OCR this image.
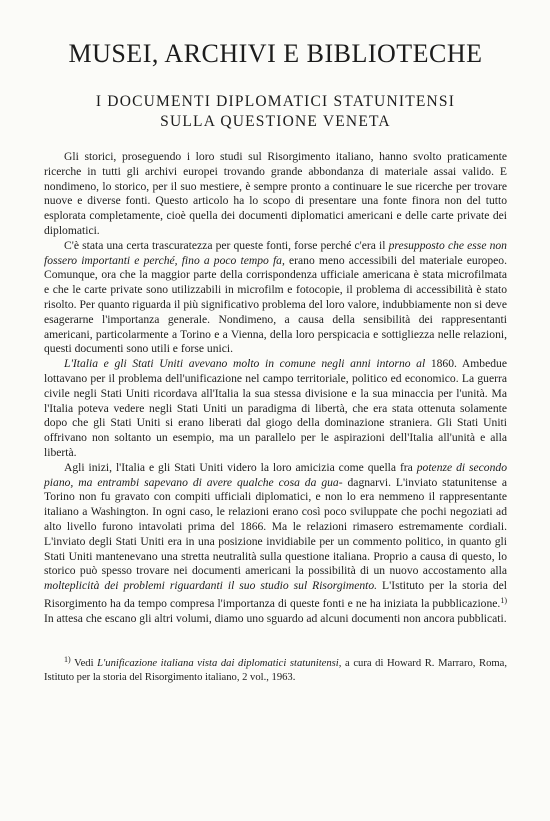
MUSEI, ARCHIVI E BIBLIOTECHE
I DOCUMENTI DIPLOMATICI STATUNITENSI
SULLA QUESTIONE VENETA

Gli storici, proseguendo i loro studi sul Risorgimento italiano, hanno svolto praticamente ricerche in tutti gli archivi europei trovando grande abbondanza di materiale assai valido. E nondimeno, lo storico, per il suo mestiere, è sempre pronto a continuare le sue ricerche per trovare nuove e diverse fonti. Questo articolo ha lo scopo di presentare una fonte finora non del tutto esplorata completamente, cioè quella dei documenti diplomatici americani e delle carte private dei diplomatici.

C'è stata una certa trascuratezza per queste fonti, forse perché c'era il presupposto che esse non fossero importanti e perché, fino a poco tempo fa, erano meno accessibili del materiale europeo. Comunque, ora che la maggior parte della corrispondenza ufficiale americana è stata microfilmata e che le carte private sono utilizzabili in microfilm e fotocopie, il problema di accessibilità è stato risolto. Per quanto riguarda il più significativo problema del loro valore, indubbiamente non si deve esagerarne l'importanza generale. Nondimeno, a causa della sensibilità dei rappresentanti americani, particolarmente a Torino e a Vienna, della loro perspicacia e sottigliezza nelle relazioni, questi documenti sono utili e forse unici.

L'Italia e gli Stati Uniti avevano molto in comune negli anni intorno al 1860. Ambedue lottavano per il problema dell'unificazione nel campo territoriale, politico ed economico. La guerra civile negli Stati Uniti ricordava all'Italia la sua stessa divisione e la sua minaccia per l'unità. Ma l'Italia poteva vedere negli Stati Uniti un paradigma di libertà, che era stata ottenuta solamente dopo che gli Stati Uniti si erano liberati dal giogo della dominazione straniera. Gli Stati Uniti offrivano non soltanto un esempio, ma un parallelo per le aspirazioni dell'Italia all'unità e alla libertà.

Agli inizi, l'Italia e gli Stati Uniti videro la loro amicizia come quella fra potenze di secondo piano, ma entrambi sapevano di avere qualche cosa da gua- dagnarvi. L'inviato statunitense a Torino non fu gravato con compiti ufficiali diplomatici, e non lo era nemmeno il rappresentante italiano a Washington. In ogni caso, le relazioni erano così poco sviluppate che pochi negoziati ad alto livello furono intavolati prima del 1866. Ma le relazioni rimasero estremamente cordiali. L'inviato degli Stati Uniti era in una posizione invidiabile per un commento politico, in quanto gli Stati Uniti mantenevano una stretta neutralità sulla questione italiana. Proprio a causa di questo, lo storico può spesso trovare nei documenti americani la possibilità di un nuovo accostamento alla molteplicità dei problemi riguardanti il suo studio sul Risorgimento. L'Istituto per la storia del Risorgimento ha da tempo compresa l'importanza di queste fonti e ne ha iniziata la pubblicazione.$^{1)}$ In attesa che escano gli altri volumi, diamo uno sguardo ad alcuni documenti non ancora pubblicati.

$^{1)}$ Vedi L'unificazione italiana vista dai diplomatici statunitensi, a cura di Howard R. Marraro, Roma, Istituto per la storia del Risorgimento italiano, 2 vol., 1963.
